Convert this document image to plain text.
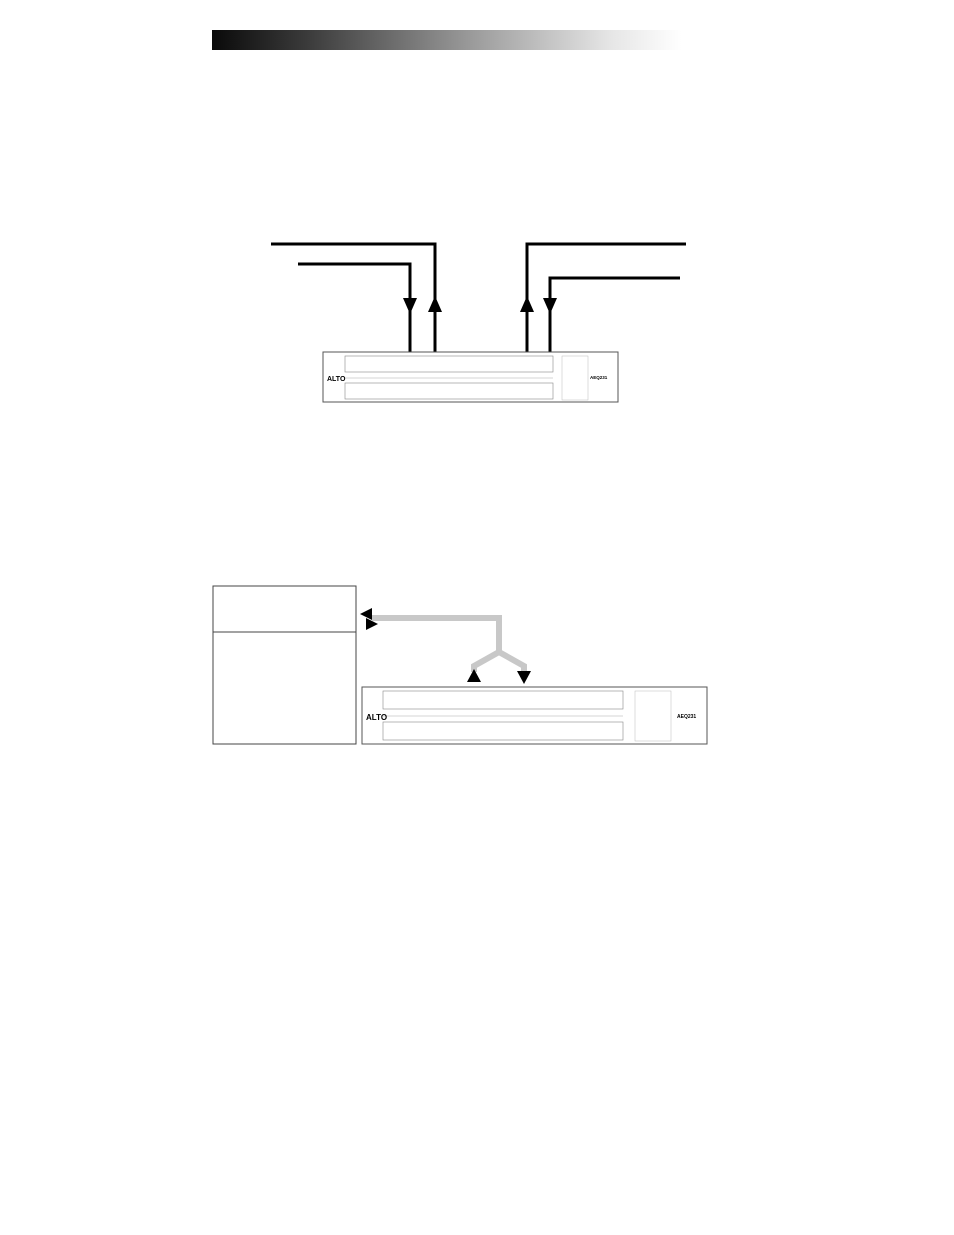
ALTO	AEQ231
ALTO	AEQ231
